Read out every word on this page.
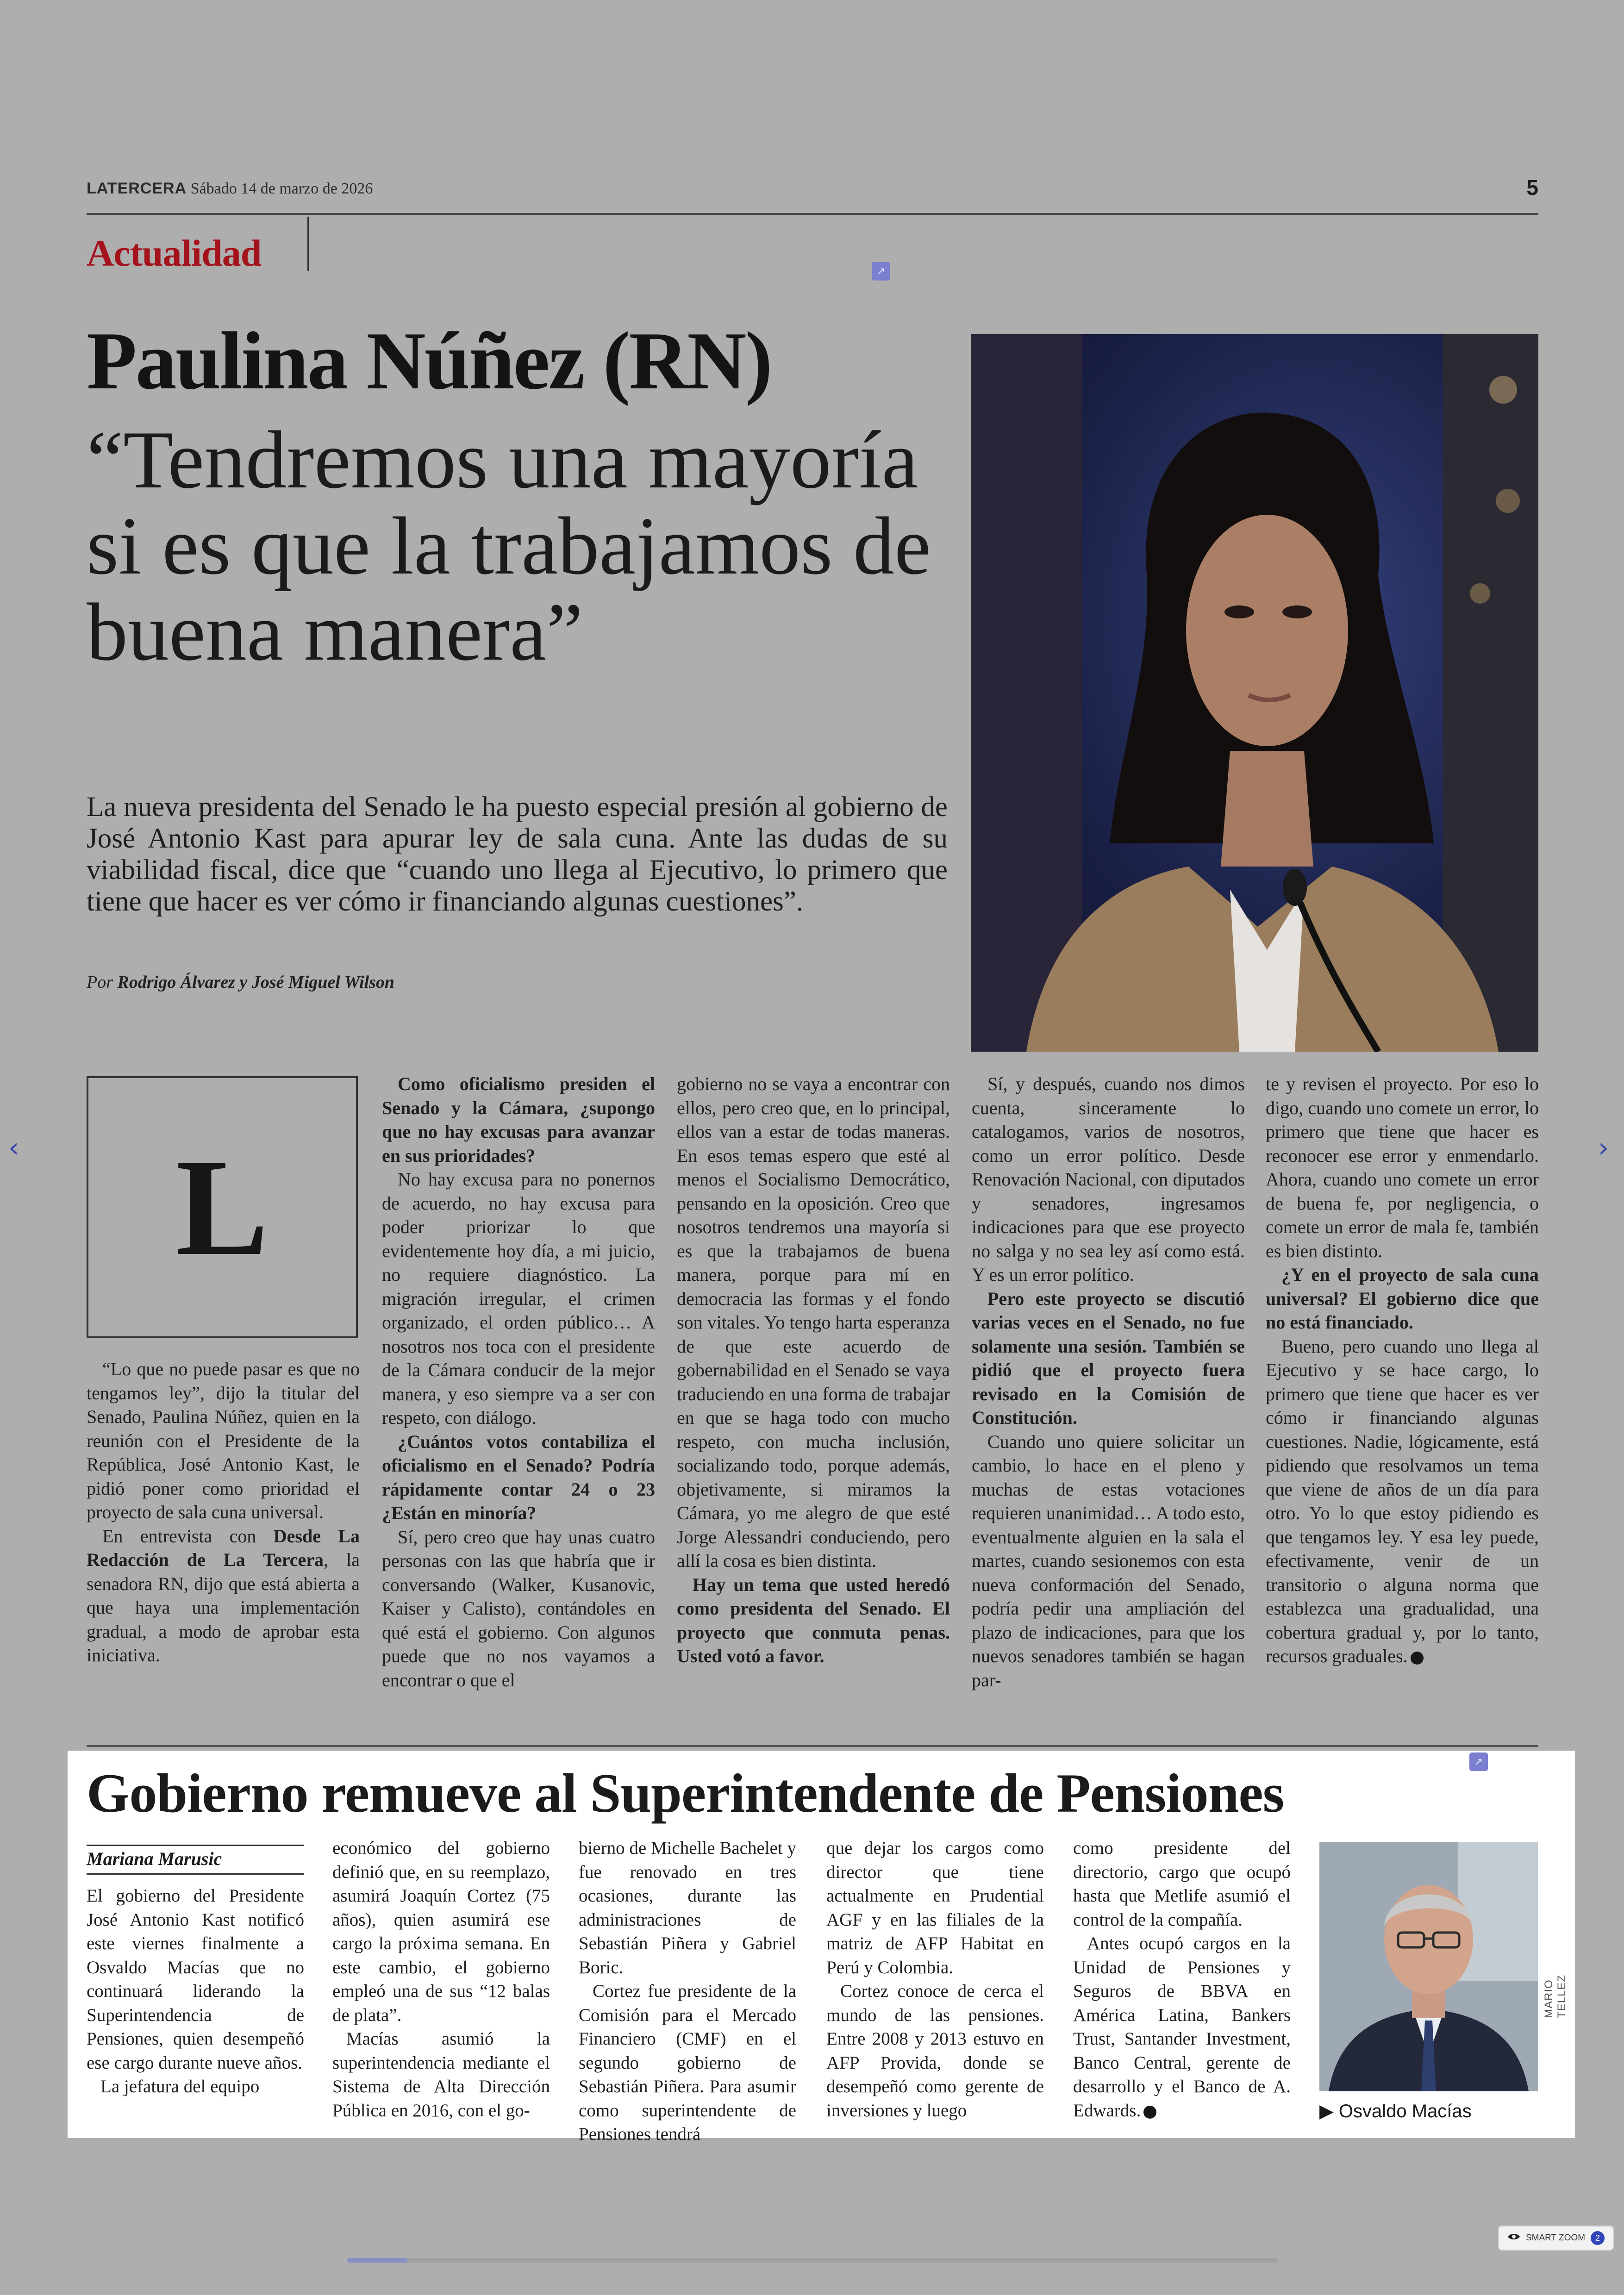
LATERCERA Sábado 14 de marzo de 2026	5
Actualidad	↗
Paulina Núñez (RN)
“Tendremos una mayoría si es que la trabajamos de buena manera”
La nueva presidenta del Senado le ha puesto especial presión al gobierno de José Antonio Kast para apurar ley de sala cuna. Ante las dudas de su viabilidad fiscal, dice que “cuando uno llega al Ejecutivo, lo primero que tiene que hacer es ver cómo ir financiando algunas cuestiones”.
Por Rodrigo Álvarez y José Miguel Wilson
L

“Lo que no puede pasar es que no tengamos ley”, dijo la titular del Senado, Paulina Núñez, quien en la reunión con el Presidente de la República, José Antonio Kast, le pidió poner como prioridad el proyecto de sala cuna universal.

En entrevista con Desde La Redacción de La Tercera, la senadora RN, dijo que está abierta a que haya una implementación gradual, a modo de aprobar esta iniciativa.

Como oficialismo presiden el Senado y la Cámara, ¿supongo que no hay excusas para avanzar en sus prioridades?

No hay excusa para no ponernos de acuerdo, no hay excusa para poder priorizar lo que evidentemente hoy día, a mi juicio, no requiere diagnóstico. La migración irregular, el crimen organizado, el orden público… A nosotros nos toca con el presidente de la Cámara conducir de la mejor manera, y eso siempre va a ser con respeto, con diálogo.

¿Cuántos votos contabiliza el oficialismo en el Senado? Podría rápidamente contar 24 o 23 ¿Están en minoría?

Sí, pero creo que hay unas cuatro personas con las que habría que ir conversando (Walker, Kusanovic, Kaiser y Calisto), contándoles en qué está el gobierno. Con algunos puede que no nos vayamos a encontrar o que el

gobierno no se vaya a encontrar con ellos, pero creo que, en lo principal, ellos van a estar de todas maneras. En esos temas espero que esté al menos el Socialismo Democrático, pensando en la oposición. Creo que nosotros tendremos una mayoría si es que la trabajamos de buena manera, porque para mí en democracia las formas y el fondo son vitales. Yo tengo harta esperanza de que este acuerdo de gobernabilidad en el Senado se vaya traduciendo en una forma de trabajar en que se haga todo con mucho respeto, con mucha inclusión, socializando todo, porque además, objetivamente, si miramos la Cámara, yo me alegro de que esté Jorge Alessandri conduciendo, pero allí la cosa es bien distinta.

Hay un tema que usted heredó como presidenta del Senado. El proyecto que conmuta penas. Usted votó a favor.

Sí, y después, cuando nos dimos cuenta, sinceramente lo catalogamos, varios de nosotros, como un error político. Desde Renovación Nacional, con diputados y senadores, ingresamos indicaciones para que ese proyecto no salga y no sea ley así como está. Y es un error político.

Pero este proyecto se discutió varias veces en el Senado, no fue solamente una sesión. También se pidió que el proyecto fuera revisado en la Comisión de Constitución.

Cuando uno quiere solicitar un cambio, lo hace en el pleno y muchas de estas votaciones requieren unanimidad… A todo esto, eventualmente alguien en la sala el martes, cuando sesionemos con esta nueva conformación del Senado, podría pedir una ampliación del plazo de indicaciones, para que los nuevos senadores también se hagan par-

te y revisen el proyecto. Por eso lo digo, cuando uno comete un error, lo primero que tiene que hacer es reconocer ese error y enmendarlo. Ahora, cuando uno comete un error de buena fe, por negligencia, o comete un error de mala fe, también es bien distinto.

¿Y en el proyecto de sala cuna universal? El gobierno dice que no está financiado.

Bueno, pero cuando uno llega al Ejecutivo y se hace cargo, lo primero que tiene que hacer es ver cómo ir financiando algunas cuestiones. Nadie, lógicamente, está pidiendo que resolvamos un tema que viene de años de un día para otro. Yo lo que estoy pidiendo es que tengamos ley. Y esa ley puede, efectivamente, venir de un transitorio o alguna norma que establezca una gradualidad, una cobertura gradual y, por lo tanto, recursos graduales.

↗
Gobierno remueve al Superintendente de Pensiones
Mariana Marusic

El gobierno del Presidente José Antonio Kast notificó este viernes finalmente a Osvaldo Macías que no continuará liderando la Superintendencia de Pensiones, quien desempeñó ese cargo durante nueve años.

La jefatura del equipo

económico del gobierno definió que, en su reemplazo, asumirá Joaquín Cortez (75 años), quien asumirá ese cargo la próxima semana. En este cambio, el gobierno empleó una de sus “12 balas de plata”.

Macías asumió la superintendencia mediante el Sistema de Alta Dirección Pública en 2016, con el go-

bierno de Michelle Bachelet y fue renovado en tres ocasiones, durante las administraciones de Sebastián Piñera y Gabriel Boric.

Cortez fue presidente de la Comisión para el Mercado Financiero (CMF) en el segundo gobierno de Sebastián Piñera. Para asumir como superintendente de Pensiones tendrá

que dejar los cargos como director que tiene actualmente en Prudential AGF y en las filiales de la matriz de AFP Habitat en Perú y Colombia.

Cortez conoce de cerca el mundo de las pensiones. Entre 2008 y 2013 estuvo en AFP Provida, donde se desempeñó como gerente de inversiones y luego

como presidente del directorio, cargo que ocupó hasta que Metlife asumió el control de la compañía.

Antes ocupó cargos en la Unidad de Pensiones y Seguros de BBVA en América Latina, Bankers Trust, Santander Investment, Banco Central, gerente de desarrollo y el Banco de A. Edwards.

MARIO TELLEZ
▶ Osvaldo Macías
‹	›
SMART ZOOM	2
